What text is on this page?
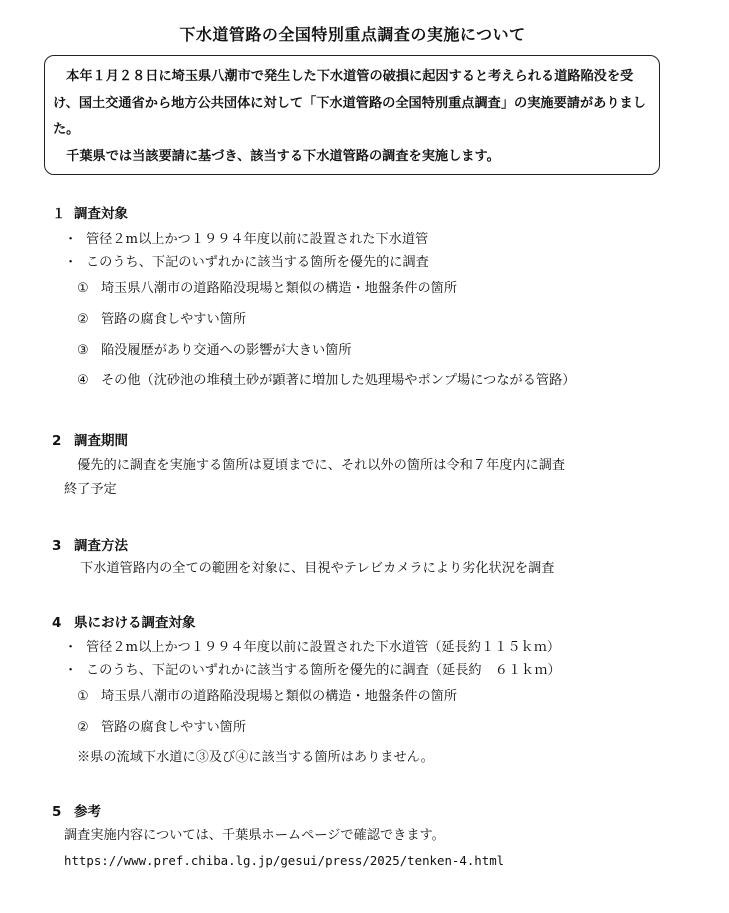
下水道管路の全国特別重点調査の実施について

　本年１月２８日に埼玉県八潮市で発生した下水道管の破損に起因すると考えられる道路陥没を受け、国土交通省から地方公共団体に対して「下水道管路の全国特別重点調査」の実施要請がありました。

　千葉県では当該要請に基づき、該当する下水道管路の調査を実施します。

１ 調査対象
・ 管径２m以上かつ１９９４年度以前に設置された下水道管
・ このうち、下記のいずれかに該当する箇所を優先的に調査
① 埼玉県八潮市の道路陥没現場と類似の構造・地盤条件の箇所
② 管路の腐食しやすい箇所
③ 陥没履歴があり交通への影響が大きい箇所
④ その他（沈砂池の堆積土砂が顕著に増加した処理場やポンプ場につながる管路）
2 調査期間
　優先的に調査を実施する箇所は夏頃までに、それ以外の箇所は令和７年度内に調査
終了予定
3 調査方法
下水道管路内の全ての範囲を対象に、目視やテレビカメラにより劣化状況を調査
4 県における調査対象
・ 管径２m以上かつ１９９４年度以前に設置された下水道管（延長約１１５ｋｍ）
・ このうち、下記のいずれかに該当する箇所を優先的に調査（延長約　６１ｋｍ）
① 埼玉県八潮市の道路陥没現場と類似の構造・地盤条件の箇所
② 管路の腐食しやすい箇所
※県の流域下水道に③及び④に該当する箇所はありません。
5 参考
調査実施内容については、千葉県ホームページで確認できます。
https://www.pref.chiba.lg.jp/gesui/press/2025/tenken-4.html
